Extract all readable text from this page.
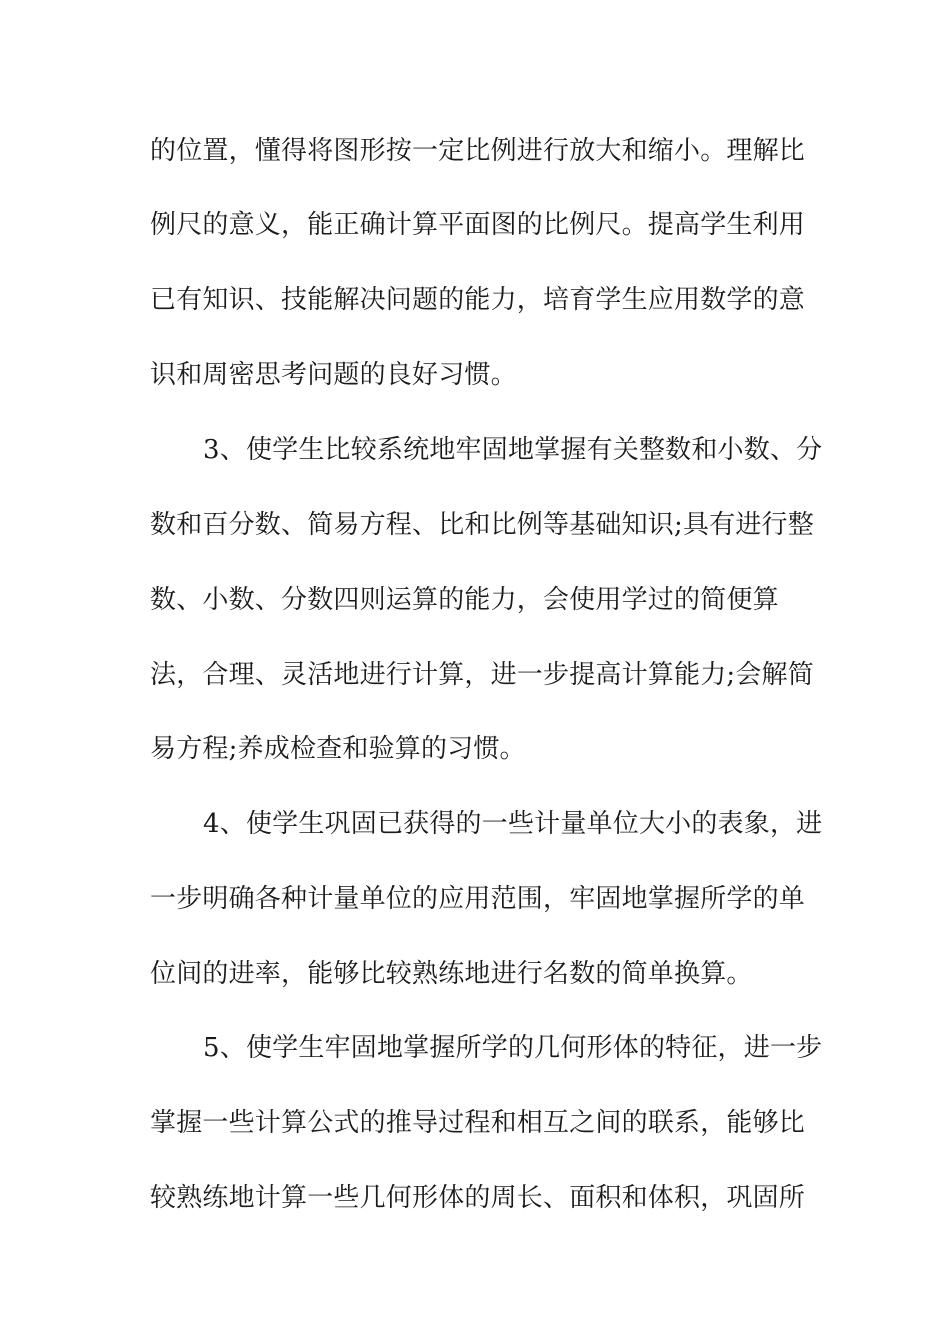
的位置，懂得将图形按一定比例进行放大和缩小。理解比
例尺的意义，能正确计算平面图的比例尺。提高学生利用
已有知识、技能解决问题的能力，培育学生应用数学的意
识和周密思考问题的良好习惯。
3、使学生比较系统地牢固地掌握有关整数和小数、分
数和百分数、简易方程、比和比例等基础知识;具有进行整
数、小数、分数四则运算的能力，会使用学过的简便算
法，合理、灵活地进行计算，进一步提高计算能力;会解简
易方程;养成检查和验算的习惯。
4、使学生巩固已获得的一些计量单位大小的表象，进
一步明确各种计量单位的应用范围，牢固地掌握所学的单
位间的进率，能够比较熟练地进行名数的简单换算。
5、使学生牢固地掌握所学的几何形体的特征，进一步
掌握一些计算公式的推导过程和相互之间的联系，能够比
较熟练地计算一些几何形体的周长、面积和体积，巩固所
